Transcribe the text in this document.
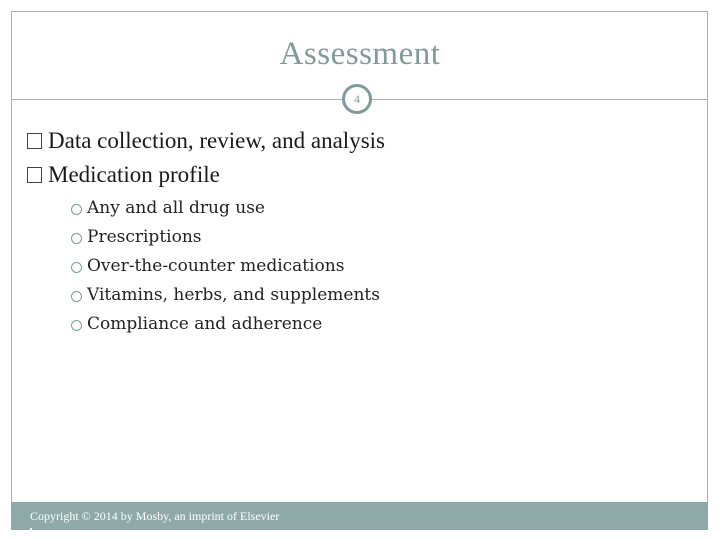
Assessment
4
Data collection, review, and analysis
Medication profile
Any and all drug use
Prescriptions
Over-the-counter medications
Vitamins, herbs, and supplements
Compliance and adherence
Copyright © 2014 by Mosby, an imprint of Elsevier
